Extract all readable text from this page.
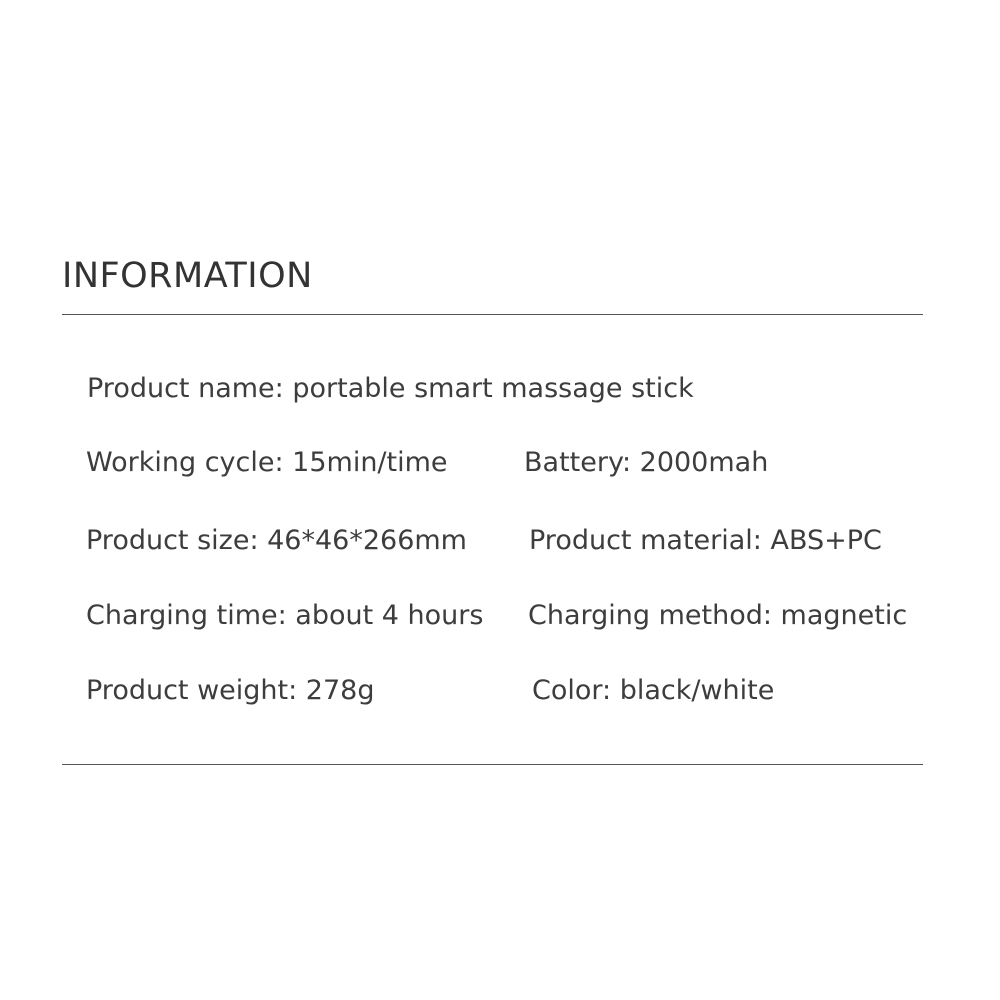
INFORMATION
Product name: portable smart massage stick
Working cycle: 15min/time	Battery: 2000mah
Product size: 46*46*266mm Product material: ABS+PC
Charging time: about 4 hours Charging method: magnetic
Product weight: 278g	Color: black/white
